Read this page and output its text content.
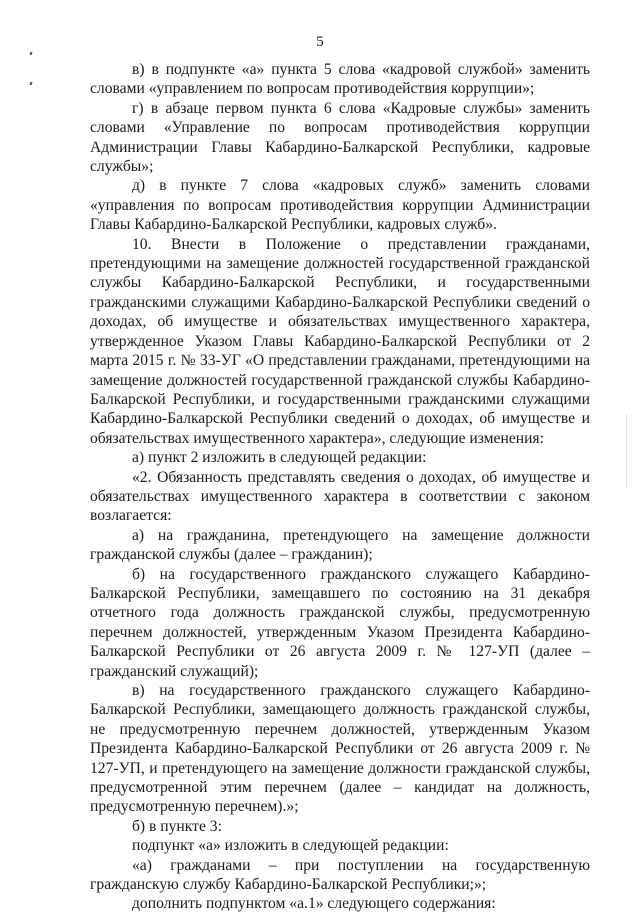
5

в) в подпункте «а» пункта 5 слова «кадровой службой» заменить словами «управлением по вопросам противодействия коррупции»;

г) в абзаце первом пункта 6 слова «Кадровые службы» заменить словами «Управление по вопросам противодействия коррупции Администрации Главы Кабардино-Балкарской Республики, кадровые службы»;

д) в пункте 7 слова «кадровых служб» заменить словами «управления по вопросам противодействия коррупции Администрации Главы Кабардино-Балкарской Республики, кадровых служб».

10. Внести в Положение о представлении гражданами, претендующими на замещение должностей государственной гражданской службы Кабардино-Балкарской Республики, и государственными гражданскими служащими Кабардино-Балкарской Республики сведений о доходах, об имуществе и обязательствах имущественного характера, утвержденное Указом Главы Кабардино-Балкарской Республики от 2 марта 2015 г. № 33-УГ «О представлении гражданами, претендующими на замещение должностей государственной гражданской службы Кабардино-Балкарской Республики, и государственными гражданскими служащими Кабардино-Балкарской Республики сведений о доходах, об имуществе и обязательствах имущественного характера», следующие изменения:

а) пункт 2 изложить в следующей редакции:

«2. Обязанность представлять сведения о доходах, об имуществе и обязательствах имущественного характера в соответствии с законом возлагается:

а) на гражданина, претендующего на замещение должности гражданской службы (далее – гражданин);

б) на государственного гражданского служащего Кабардино-Балкарской Республики, замещавшего по состоянию на 31 декабря отчетного года должность гражданской службы, предусмотренную перечнем должностей, утвержденным Указом Президента Кабардино-Балкарской Республики от 26 августа 2009 г. № 127-УП (далее – гражданский служащий);

в) на государственного гражданского служащего Кабардино-Балкарской Республики, замещающего должность гражданской службы, не предусмотренную перечнем должностей, утвержденным Указом Президента Кабардино-Балкарской Республики от 26 августа 2009 г. № 127-УП, и претендующего на замещение должности гражданской службы, предусмотренной этим перечнем (далее – кандидат на должность, предусмотренную перечнем).»;

б) в пункте 3:

подпункт «а» изложить в следующей редакции:

«а) гражданами – при поступлении на государственную гражданскую службу Кабардино-Балкарской Республики;»;

дополнить подпунктом «а.1» следующего содержания:
